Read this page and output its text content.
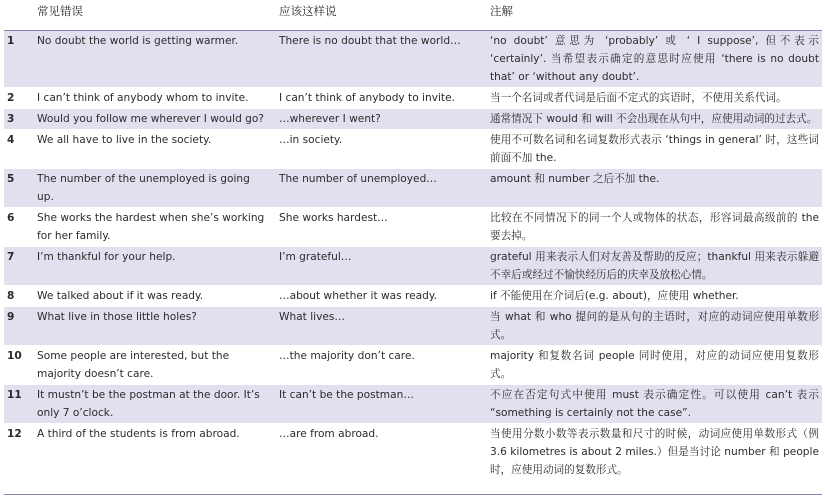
	常见错误		应该这样说		注解
1	No doubt the world is getting warmer.		There is no doubt that the world…		‘no doubt’ 意思为 ‘probably’ 或 ‘ I suppose’, 但不表示 ‘certainly’. 当希望表示确定的意思时应使用 ‘there is no doubt that’ or ‘without any doubt’.
2	I can’t think of anybody whom to invite.		I can’t think of anybody to invite.		当一个名词或者代词是后面不定式的宾语时，不使用关系代词。
3	Would you follow me wherever I would go?		…wherever I went?		通常情况下 would 和 will 不会出现在从句中，应使用动词的过去式。
4	We all have to live in the society.		…in society.		使用不可数名词和名词复数形式表示 ‘things in general’ 时，这些词前面不加 the.
5	The number of the unemployed is going up.		The number of unemployed…		amount 和 number 之后不加 the.
6	She works the hardest when she’s working for her family.		She works hardest…		比较在不同情况下的同一个人或物体的状态，形容词最高级前的 the 要去掉。
7	I’m thankful for your help.		I’m grateful…		grateful 用来表示人们对友善及帮助的反应；thankful 用来表示躲避不幸后或经过不愉快经历后的庆幸及放松心情。
8	We talked about if it was ready.		…about whether it was ready.		if 不能使用在介词后(e.g. about)，应使用 whether.
9	What live in those little holes?		What lives…		当 what 和 who 提问的是从句的主语时，对应的动词应使用单数形式。
10	Some people are interested, but the majority doesn’t care.		…the majority don’t care.		majority 和复数名词 people 同时使用，对应的动词应使用复数形式。
11	It mustn’t be the postman at the door. It’s only 7 o’clock.		It can’t be the postman…		不应在否定句式中使用 must 表示确定性。可以使用 can’t 表示 “something is certainly not the case”.
12	A third of the students is from abroad.		…are from abroad.		当使用分数小数等表示数量和尺寸的时候，动词应使用单数形式（例 3.6 kilometres is about 2 miles.）但是当讨论 number 和 people 时，应使用动词的复数形式。
